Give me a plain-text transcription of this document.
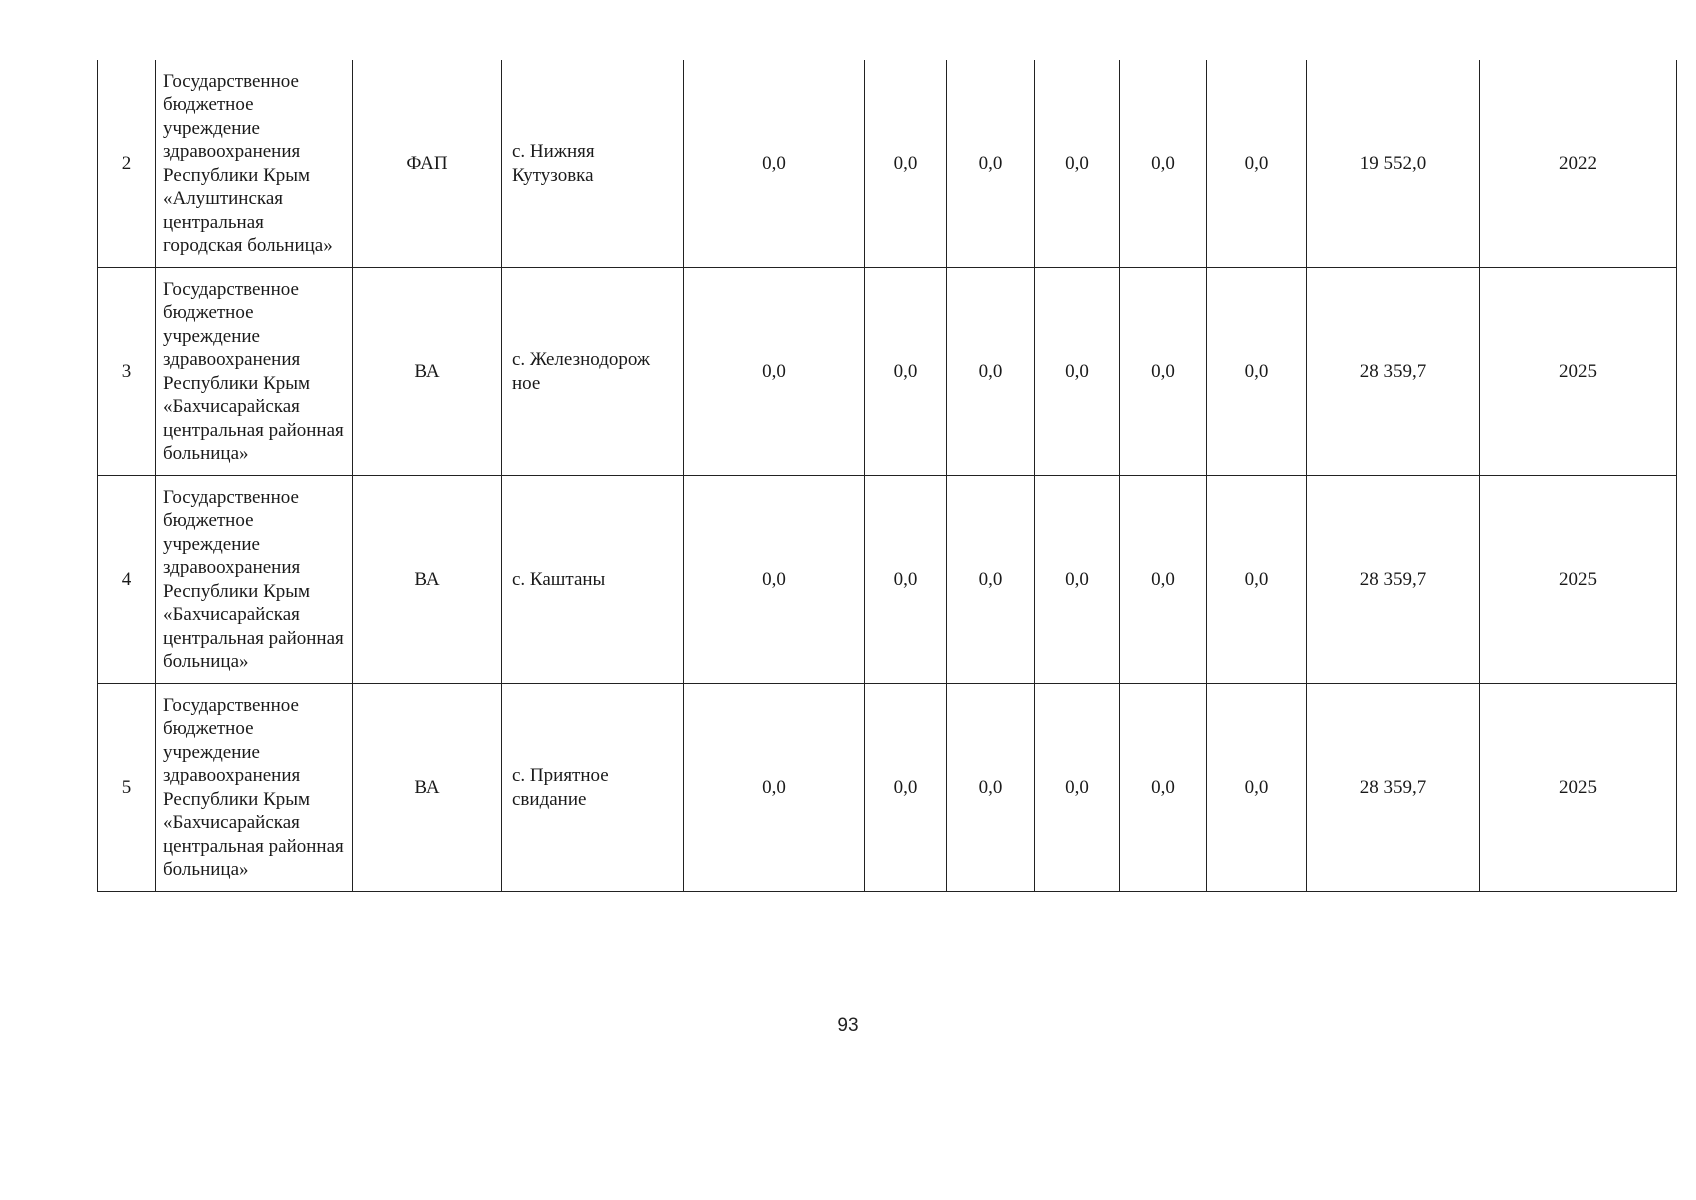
2	Государственное бюджетное учреждение здравоохранения Республики Крым «Алуштинская центральная городская больница»	ФАП	с. Нижняя Кутузовка	0,0	0,0	0,0	0,0	0,0	0,0	19 552,0	2022
3	Государственное бюджетное учреждение здравоохранения Республики Крым «Бахчисарайская центральная районная больница»	ВА	с. Железнодорож ное	0,0	0,0	0,0	0,0	0,0	0,0	28 359,7	2025
4	Государственное бюджетное учреждение здравоохранения Республики Крым «Бахчисарайская центральная районная больница»	ВА	с. Каштаны	0,0	0,0	0,0	0,0	0,0	0,0	28 359,7	2025
5	Государственное бюджетное учреждение здравоохранения Республики Крым «Бахчисарайская центральная районная больница»	ВА	с. Приятное свидание	0,0	0,0	0,0	0,0	0,0	0,0	28 359,7	2025
93
